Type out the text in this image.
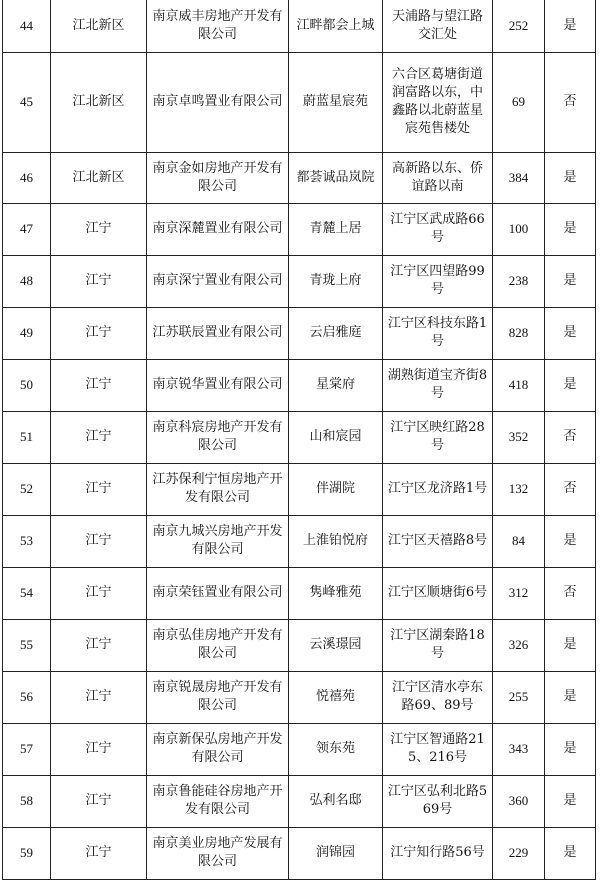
44	江北新区	南京威丰房地产开发有限公司	江畔都会上城	天浦路与望江路交汇处	252	是
45	江北新区	南京卓鸣置业有限公司	蔚蓝星宸苑	六合区葛塘街道润富路以东，中鑫路以北蔚蓝星宸苑售楼处	69	否
46	江北新区	南京金如房地产开发有限公司	都荟诚品岚院	高新路以东、侨谊路以南	384	是
47	江宁	南京深麓置业有限公司	青麓上居	江宁区武成路66号	100	是
48	江宁	南京深宁置业有限公司	青珑上府	江宁区四望路99号	238	是
49	江宁	江苏联辰置业有限公司	云启雅庭	江宁区科技东路1号	828	是
50	江宁	南京锐华置业有限公司	星棠府	湖熟街道宝齐街8号	418	是
51	江宁	南京科宸房地产开发有限公司	山和宸园	江宁区映红路28号	352	否
52	江宁	江苏保利宁恒房地产开发有限公司	伴湖院	江宁区龙济路1号	132	否
53	江宁	南京九城兴房地产开发有限公司	上淮铂悦府	江宁区天禧路8号	84	是
54	江宁	南京荣钰置业有限公司	隽峰雅苑	江宁区顺塘街6号	312	否
55	江宁	南京弘佳房地产开发有限公司	云溪璟园	江宁区湖秦路18号	326	是
56	江宁	南京锐晟房地产开发有限公司	悦禧苑	江宁区清水亭东路69、89号	255	是
57	江宁	南京新保弘房地产开发有限公司	领东苑	江宁区智通路215、216号	343	是
58	江宁	南京鲁能硅谷房地产开发有限公司	弘利名邸	江宁区弘利北路569号	360	是
59	江宁	南京美业房地产发展有限公司	润锦园	江宁知行路56号	229	是
